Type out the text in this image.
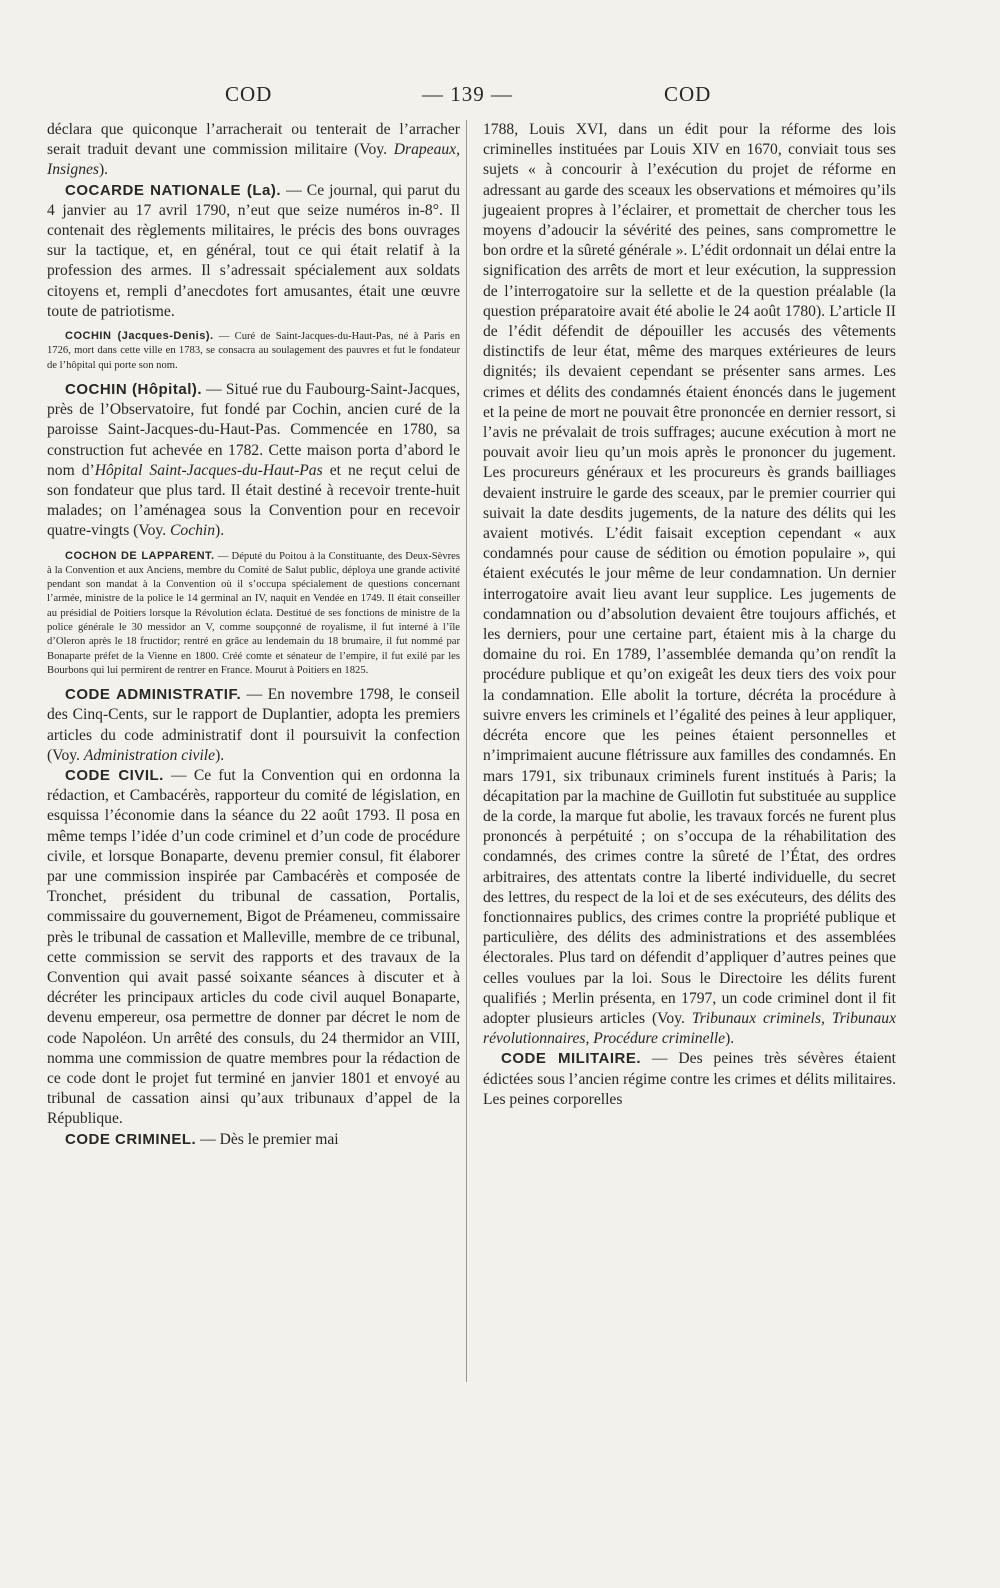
COD	— 139 —	COD

déclara que quiconque l’arracherait ou tenterait de l’arracher serait traduit devant une commission militaire (Voy. Drapeaux, Insignes).

COCARDE NATIONALE (La). — Ce journal, qui parut du 4 janvier au 17 avril 1790, n’eut que seize numéros in-8°. Il contenait des règlements militaires, le précis des bons ouvrages sur la tactique, et, en général, tout ce qui était relatif à la profession des armes. Il s’adressait spécialement aux soldats citoyens et, rempli d’anecdotes fort amusantes, était une œuvre toute de patriotisme.

COCHIN (Jacques-Denis). — Curé de Saint-Jacques-du-Haut-Pas, né à Paris en 1726, mort dans cette ville en 1783, se consacra au soulagement des pauvres et fut le fondateur de l’hôpital qui porte son nom.

COCHIN (Hôpital). — Situé rue du Faubourg-Saint-Jacques, près de l’Observatoire, fut fondé par Cochin, ancien curé de la paroisse Saint-Jacques-du-Haut-Pas. Commencée en 1780, sa construction fut achevée en 1782. Cette maison porta d’abord le nom d’Hôpital Saint-Jacques-du-Haut-Pas et ne reçut celui de son fondateur que plus tard. Il était destiné à recevoir trente-huit malades; on l’aménagea sous la Convention pour en recevoir quatre-vingts (Voy. Cochin).

COCHON DE LAPPARENT. — Député du Poitou à la Constituante, des Deux-Sèvres à la Convention et aux Anciens, membre du Comité de Salut public, déploya une grande activité pendant son mandat à la Convention où il s’occupa spécialement de questions concernant l’armée, ministre de la police le 14 germinal an IV, naquit en Vendée en 1749. Il était conseiller au présidial de Poitiers lorsque la Révolution éclata. Destitué de ses fonctions de ministre de la police générale le 30 messidor an V, comme soupçonné de royalisme, il fut interné à l’île d’Oleron après le 18 fructidor; rentré en grâce au lendemain du 18 brumaire, il fut nommé par Bonaparte préfet de la Vienne en 1800. Créé comte et sénateur de l’empire, il fut exilé par les Bourbons qui lui permirent de rentrer en France. Mourut à Poitiers en 1825.

CODE ADMINISTRATIF. — En novembre 1798, le conseil des Cinq-Cents, sur le rapport de Duplantier, adopta les premiers articles du code administratif dont il poursuivit la confection (Voy. Administration civile).

CODE CIVIL. — Ce fut la Convention qui en ordonna la rédaction, et Cambacérès, rapporteur du comité de législation, en esquissa l’économie dans la séance du 22 août 1793. Il posa en même temps l’idée d’un code criminel et d’un code de procédure civile, et lorsque Bonaparte, devenu premier consul, fit élaborer par une commission inspirée par Cambacérès et composée de Tronchet, président du tribunal de cassation, Portalis, commissaire du gouvernement, Bigot de Préameneu, commissaire près le tribunal de cassation et Malleville, membre de ce tribunal, cette commission se servit des rapports et des travaux de la Convention qui avait passé soixante séances à discuter et à décréter les principaux articles du code civil auquel Bonaparte, devenu empereur, osa permettre de donner par décret le nom de code Napoléon. Un arrêté des consuls, du 24 thermidor an VIII, nomma une commission de quatre membres pour la rédaction de ce code dont le projet fut terminé en janvier 1801 et envoyé au tribunal de cassation ainsi qu’aux tribunaux d’appel de la République.

CODE CRIMINEL. — Dès le premier mai

1788, Louis XVI, dans un édit pour la réforme des lois criminelles instituées par Louis XIV en 1670, conviait tous ses sujets « à concourir à l’exécution du projet de réforme en adressant au garde des sceaux les observations et mémoires qu’ils jugeaient propres à l’éclairer, et promettait de chercher tous les moyens d’adoucir la sévérité des peines, sans compromettre le bon ordre et la sûreté générale ». L’édit ordonnait un délai entre la signification des arrêts de mort et leur exécution, la suppression de l’interrogatoire sur la sellette et de la question préalable (la question préparatoire avait été abolie le 24 août 1780). L’article II de l’édit défendit de dépouiller les accusés des vêtements distinctifs de leur état, même des marques extérieures de leurs dignités; ils devaient cependant se présenter sans armes. Les crimes et délits des condamnés étaient énoncés dans le jugement et la peine de mort ne pouvait être prononcée en dernier ressort, si l’avis ne prévalait de trois suffrages; aucune exécution à mort ne pouvait avoir lieu qu’un mois après le prononcer du jugement. Les procureurs généraux et les procureurs ès grands bailliages devaient instruire le garde des sceaux, par le premier courrier qui suivait la date desdits jugements, de la nature des délits qui les avaient motivés. L’édit faisait exception cependant « aux condamnés pour cause de sédition ou émotion populaire », qui étaient exécutés le jour même de leur condamnation. Un dernier interrogatoire avait lieu avant leur supplice. Les jugements de condamnation ou d’absolution devaient être toujours affichés, et les derniers, pour une certaine part, étaient mis à la charge du domaine du roi. En 1789, l’assemblée demanda qu’on rendît la procédure publique et qu’on exigeât les deux tiers des voix pour la condamnation. Elle abolit la torture, décréta la procédure à suivre envers les criminels et l’égalité des peines à leur appliquer, décréta encore que les peines étaient personnelles et n’imprimaient aucune flétrissure aux familles des condamnés. En mars 1791, six tribunaux criminels furent institués à Paris; la décapitation par la machine de Guillotin fut substituée au supplice de la corde, la marque fut abolie, les travaux forcés ne furent plus prononcés à perpétuité ; on s’occupa de la réhabilitation des condamnés, des crimes contre la sûreté de l’État, des ordres arbitraires, des attentats contre la liberté individuelle, du secret des lettres, du respect de la loi et de ses exécuteurs, des délits des fonctionnaires publics, des crimes contre la propriété publique et particulière, des délits des administrations et des assemblées électorales. Plus tard on défendit d’appliquer d’autres peines que celles voulues par la loi. Sous le Directoire les délits furent qualifiés ; Merlin présenta, en 1797, un code criminel dont il fit adopter plusieurs articles (Voy. Tribunaux criminels, Tribunaux révolutionnaires, Procédure criminelle).

CODE MILITAIRE. — Des peines très sévères étaient édictées sous l’ancien régime contre les crimes et délits militaires. Les peines corporelles
